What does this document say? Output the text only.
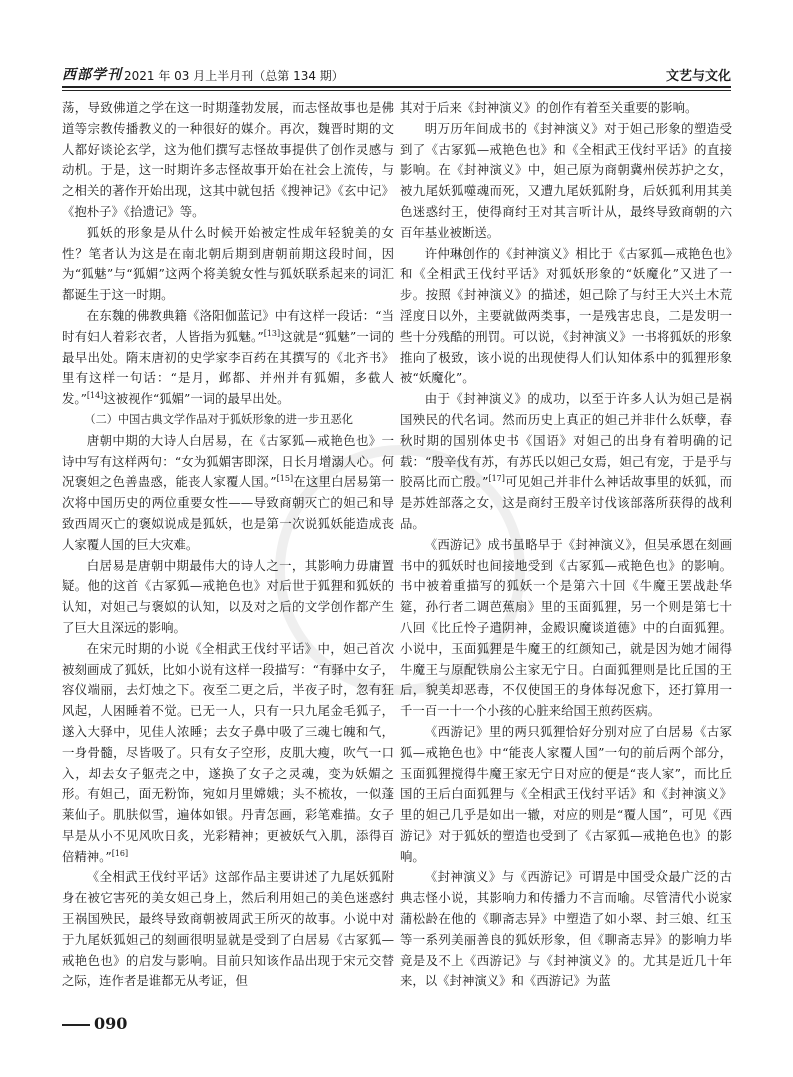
西部学刊 2021 年 03 月上半月刊（总第 134 期）	文艺与文化

荡，导致佛道之学在这一时期蓬勃发展，而志怪故事也是佛道等宗教传播教义的一种很好的媒介。再次，魏晋时期的文人都好谈论玄学，这为他们撰写志怪故事提供了创作灵感与动机。于是，这一时期许多志怪故事开始在社会上流传，与之相关的著作开始出现，这其中就包括《搜神记》《玄中记》《抱朴子》《拾遗记》等。

狐妖的形象是从什么时候开始被定性成年轻貌美的女性？笔者认为这是在南北朝后期到唐朝前期这段时间，因为“狐魅”与“狐媚”这两个将美貌女性与狐妖联系起来的词汇都诞生于这一时期。

在东魏的佛教典籍《洛阳伽蓝记》中有这样一段话：“当时有妇人着彩衣者，人皆指为狐魅。”[13]这就是“狐魅”一词的最早出处。隋末唐初的史学家李百药在其撰写的《北齐书》里有这样一句话：“是月，邺都、并州并有狐媚，多截人发。”[14]这被视作“狐媚”一词的最早出处。

（二）中国古典文学作品对于狐妖形象的进一步丑恶化

唐朝中期的大诗人白居易，在《古冢狐—戒艳色也》一诗中写有这样两句：“女为狐媚害即深，日长月增溺人心。何况褒妲之色善蛊惑，能丧人家覆人国。”[15]在这里白居易第一次将中国历史的两位重要女性——导致商朝灭亡的妲己和导致西周灭亡的褒姒说成是狐妖，也是第一次说狐妖能造成丧人家覆人国的巨大灾难。

白居易是唐朝中期最伟大的诗人之一，其影响力毋庸置疑。他的这首《古冢狐—戒艳色也》对后世于狐狸和狐妖的认知，对妲己与褒姒的认知，以及对之后的文学创作都产生了巨大且深远的影响。

在宋元时期的小说《全相武王伐纣平话》中，妲己首次被刻画成了狐妖，比如小说有这样一段描写：“有驿中女子，容仪端丽，去灯烛之下。夜至二更之后，半夜子时，忽有狂风起，人困睡着不觉。已无一人，只有一只九尾金毛狐子，遂入大驿中，见佳人浓睡；去女子鼻中吸了三魂七魄和气，一身骨髓，尽皆吸了。只有女子空形，皮肌大瘦，吹气一口入，却去女子躯壳之中，遂换了女子之灵魂，变为妖媚之形。有妲己，面无粉饰，宛如月里嫦娥；头不梳妆，一似蓬莱仙子。肌肤似雪，遍体如银。丹青怎画，彩笔难描。女子早是从小不见风吹日炙，光彩精神；更被妖气入肌，添得百倍精神。”[16]

《全相武王伐纣平话》这部作品主要讲述了九尾妖狐附身在被它害死的美女妲己身上，然后利用妲己的美色迷惑纣王祸国殃民，最终导致商朝被周武王所灭的故事。小说中对于九尾妖狐妲己的刻画很明显就是受到了白居易《古冢狐—戒艳色也》的启发与影响。目前只知该作品出现于宋元交替之际，连作者是谁都无从考证，但

其对于后来《封神演义》的创作有着至关重要的影响。

明万历年间成书的《封神演义》对于妲己形象的塑造受到了《古冢狐—戒艳色也》和《全相武王伐纣平话》的直接影响。在《封神演义》中，妲己原为商朝冀州侯苏护之女，被九尾妖狐噬魂而死，又遭九尾妖狐附身，后妖狐利用其美色迷惑纣王，使得商纣王对其言听计从，最终导致商朝的六百年基业被断送。

许仲琳创作的《封神演义》相比于《古冢狐—戒艳色也》和《全相武王伐纣平话》对狐妖形象的“妖魔化”又进了一步。按照《封神演义》的描述，妲己除了与纣王大兴土木荒淫度日以外，主要就做两类事，一是残害忠良，二是发明一些十分残酷的刑罚。可以说，《封神演义》一书将狐妖的形象推向了极致，该小说的出现使得人们认知体系中的狐狸形象被“妖魔化”。

由于《封神演义》的成功，以至于许多人认为妲己是祸国殃民的代名词。然而历史上真正的妲己并非什么妖孽，春秋时期的国别体史书《国语》对妲己的出身有着明确的记载：“殷辛伐有苏，有苏氏以妲己女焉，妲己有宠，于是乎与胶鬲比而亡殷。”[17]可见妲己并非什么神话故事里的妖狐，而是苏姓部落之女，这是商纣王殷辛讨伐该部落所获得的战利品。

《西游记》成书虽略早于《封神演义》，但吴承恩在刻画书中的狐妖时也间接地受到《古冢狐—戒艳色也》的影响。书中被着重描写的狐妖一个是第六十回《牛魔王罢战赴华筵，孙行者二调芭蕉扇》里的玉面狐狸，另一个则是第七十八回《比丘怜子遣阴神，金殿识魔谈道德》中的白面狐狸。小说中，玉面狐狸是牛魔王的红颜知己，就是因为她才闹得牛魔王与原配铁扇公主家无宁日。白面狐狸则是比丘国的王后，貌美却恶毒，不仅使国王的身体每况愈下，还打算用一千一百一十一个小孩的心脏来给国王煎药医病。

《西游记》里的两只狐狸恰好分别对应了白居易《古冢狐—戒艳色也》中“能丧人家覆人国”一句的前后两个部分，玉面狐狸搅得牛魔王家无宁日对应的便是“丧人家”，而比丘国的王后白面狐狸与《全相武王伐纣平话》和《封神演义》里的妲己几乎是如出一辙，对应的则是“覆人国”，可见《西游记》对于狐妖的塑造也受到了《古冢狐—戒艳色也》的影响。

《封神演义》与《西游记》可谓是中国受众最广泛的古典志怪小说，其影响力和传播力不言而喻。尽管清代小说家蒲松龄在他的《聊斋志异》中塑造了如小翠、封三娘、红玉等一系列美丽善良的狐妖形象，但《聊斋志异》的影响力毕竟是及不上《西游记》与《封神演义》的。尤其是近几十年来，以《封神演义》和《西游记》为蓝

090
